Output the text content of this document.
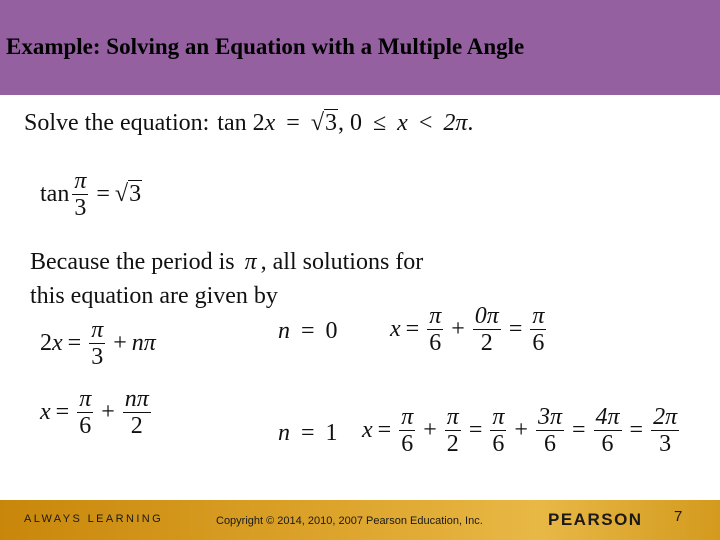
Example: Solving an Equation with a Multiple Angle
Solve the equation: tan 2x = √3, 0 ≤ x < 2π.
$\tan \frac{\pi}{3} = √3$
Because the period is π , all solutions for
this equation are given by
2 $x = \frac{\pi}{3} + n\pi$
$x = \frac{\pi}{6} + \frac{n\pi}{2}$
n = 0 $x = \frac{\pi}{6} + \frac{0\pi}{2} = \frac{\pi}{6}$
n = 1 $x = \frac{\pi}{6} + \frac{\pi}{2} = \frac{\pi}{6} + \frac{3\pi}{6} = \frac{4\pi}{6} = \frac{2\pi}{3}$
ALWAYS LEARNING	Copyright © 2014, 2010, 2007 Pearson Education, Inc.	PEARSON 7
